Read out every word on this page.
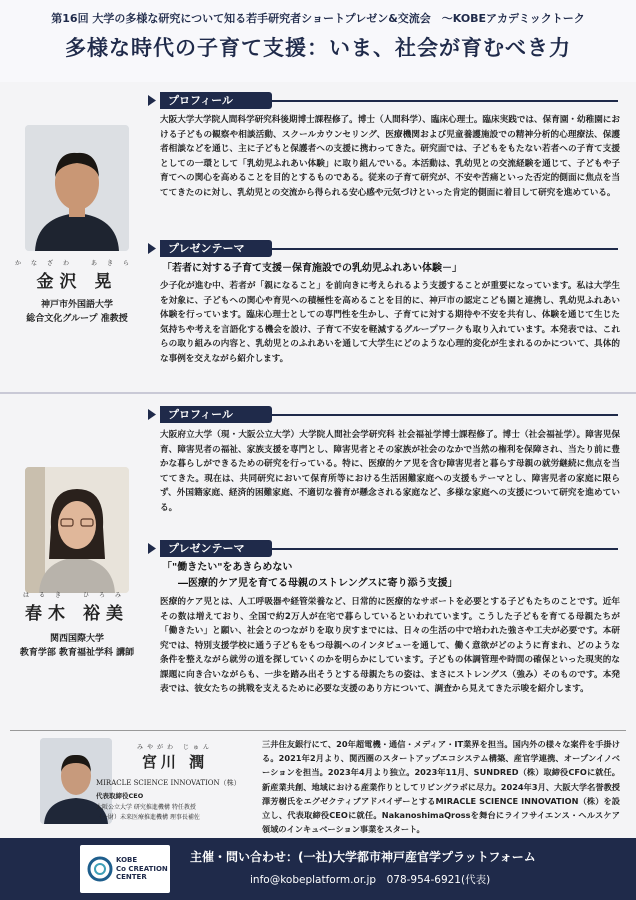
第16回 大学の多様な研究について知る若手研究者ショートプレゼン&交流会　〜KOBEアカデミックトーク
多様な時代の子育て支援：いま、社会が育むべき力
かなざわ あきら
金沢 晃
神戸市外国語大学
総合文化グループ 准教授
プロフィール
大阪大学大学院人間科学研究科後期博士課程修了。博士（人間科学）、臨床心理士。臨床実践では、保育園・幼稚園における子どもの観察や相談活動、スクールカウンセリング、医療機関および児童養護施設での精神分析的心理療法、保護者相談などを通じ、主に子どもと保護者への支援に携わってきた。研究面では、子どもをもたない若者への子育て支援としての一環として「乳幼児ふれあい体験」に取り組んでいる。本活動は、乳幼児との交流経験を通じて、子どもや子育てへの関心を高めることを目的とするものである。従来の子育て研究が、不安や苦痛といった否定的側面に焦点を当ててきたのに対し、乳幼児との交流から得られる安心感や元気づけといった肯定的側面に着目して研究を進めている。
プレゼンテーマ
「若者に対する子育て支援－保育施設での乳幼児ふれあい体験－」
少子化が進む中、若者が「親になること」を前向きに考えられるよう支援することが重要になっています。私は大学生を対象に、子どもへの関心や育児への積極性を高めることを目的に、神戸市の認定こども園と連携し、乳幼児ふれあい体験を行っています。臨床心理士としての専門性を生かし、子育てに対する期待や不安を共有し、体験を通じて生じた気持ちや考えを言語化する機会を設け、子育て不安を軽減するグループワークも取り入れています。本発表では、これらの取り組みの内容と、乳幼児とのふれあいを通して大学生にどのような心理的変化が生まれるのかについて、具体的な事例を交えながら紹介します。
はるき ひろみ
春木 裕美
関西国際大学
教育学部 教育福祉学科 講師
プロフィール
大阪府立大学（現・大阪公立大学）大学院人間社会学研究科 社会福祉学博士課程修了。博士（社会福祉学）。障害児保育、障害児者の福祉、家族支援を専門とし、障害児者とその家族が社会のなかで当然の権利を保障され、当たり前に豊かな暮らしができるための研究を行っている。特に、医療的ケア児を含む障害児者と暮らす母親の就労継続に焦点を当ててきた。現在は、共同研究において保育所等における生活困難家庭への支援もテーマとし、障害児者の家庭に限らず、外国籍家庭、経済的困難家庭、不適切な養育が懸念される家庭など、多様な家庭への支援について研究を進めている。
プレゼンテーマ
「"働きたい"をあきらめない
―医療的ケア児を育てる母親のストレングスに寄り添う支援」
医療的ケア児とは、人工呼吸器や経管栄養など、日常的に医療的なサポートを必要とする子どもたちのことです。近年その数は増えており、全国で約2万人が在宅で暮らしているといわれています。こうした子どもを育てる母親たちが「働きたい」と願い、社会とのつながりを取り戻すまでには、日々の生活の中で培われた強さや工夫が必要です。本研究では、特別支援学校に通う子どもをもつ母親へのインタビューを通して、働く意欲がどのように育まれ、どのような条件を整えながら就労の道を探していくのかを明らかにしています。子どもの体調管理や時間の確保といった現実的な課題に向き合いながらも、一歩を踏み出そうとする母親たちの姿は、まさにストレングス（強み）そのものです。本発表では、彼女たちの挑戦を支えるために必要な支援のあり方について、調査から見えてきた示唆を紹介します。
みやがわ じゅん
宮川 潤
MIRACLE SCIENCE INNOVATION（株）
代表取締役CEO
大阪公立大学 研究推進機構 特任教授
（一財）未来医療推進機構 理事長補佐
三井住友銀行にて、20年超電機・通信・メディア・IT業界を担当。国内外の様々な案件を手掛ける。2021年2月より、関西圏のスタートアップエコシステム構築、産官学連携、オープンイノベーションを担当。2023年4月より独立。2023年11月、SUNDRED（株）取締役CFOに就任。新産業共創、地域における産業作りとしてリビングラボに尽力。2024年3月、大阪大学名誉教授 澤芳樹氏をエグゼクティブアドバイザーとするMIRACLE SCIENCE INNOVATION（株）を設立し、代表取締役CEOに就任。NakanoshimaQrossを舞台にライフサイエンス・ヘルスケア領域のインキュベーション事業をスタート。
KOBE
Co CREATION
CENTER
主催・問い合わせ：(一社)大学都市神戸産官学プラットフォーム
info@kobeplatform.or.jp　078-954-6921(代表)
